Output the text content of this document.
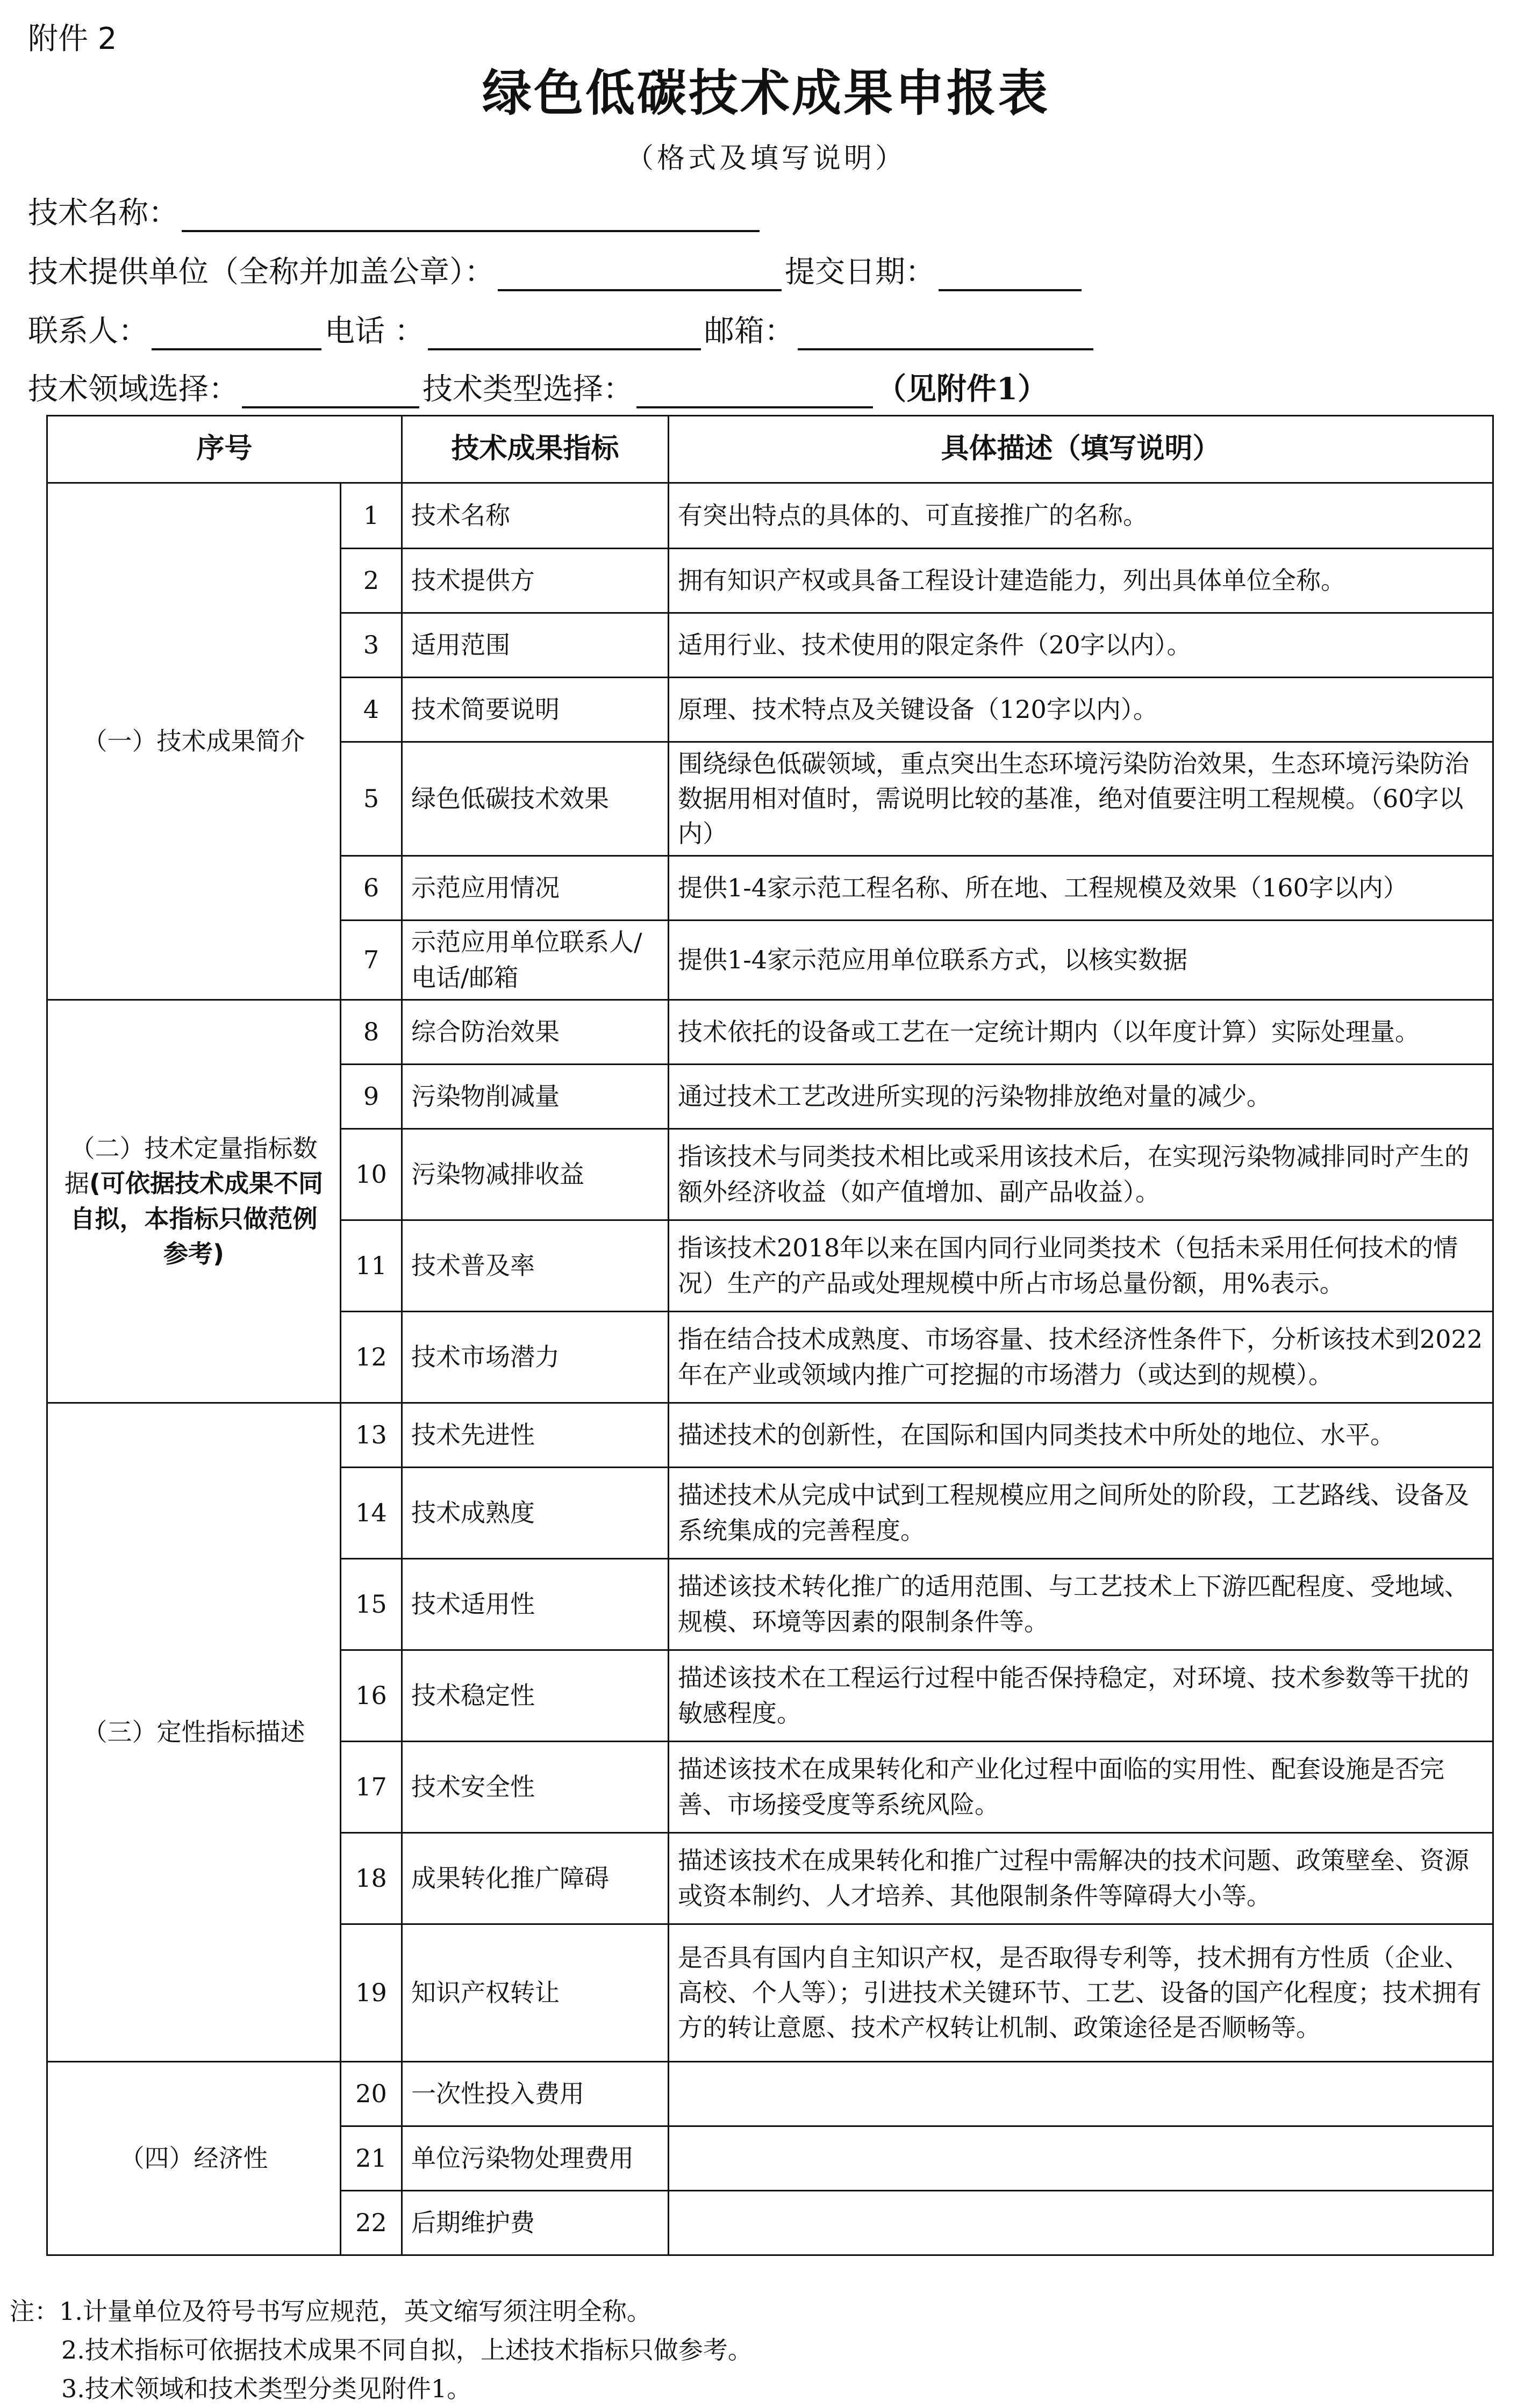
附件 2
绿色低碳技术成果申报表
（格式及填写说明）
技术名称：
技术提供单位（全称并加盖公章）：	提交日期：
联系人：	电话 ：	邮箱：
技术领域选择：	技术类型选择：	（见附件1）
序号		技术成果指标	具体描述（填写说明）
（一）技术成果简介	1	技术名称	有突出特点的具体的、可直接推广的名称。
	2	技术提供方	拥有知识产权或具备工程设计建造能力，列出具体单位全称。
	3	适用范围	适用行业、技术使用的限定条件（20字以内）。
	4	技术简要说明	原理、技术特点及关键设备（120字以内）。
	5	绿色低碳技术效果	围绕绿色低碳领域，重点突出生态环境污染防治效果，生态环境污染防治数据用相对值时，需说明比较的基准，绝对值要注明工程规模。（60字以内）
	6	示范应用情况	提供1-4家示范工程名称、所在地、工程规模及效果（160字以内）
	7	示范应用单位联系人/电话/邮箱	提供1-4家示范应用单位联系方式，以核实数据
（二）技术定量指标数据(可依据技术成果不同自拟，本指标只做范例参考)	8	综合防治效果	技术依托的设备或工艺在一定统计期内（以年度计算）实际处理量。
	9	污染物削减量	通过技术工艺改进所实现的污染物排放绝对量的减少。
	10	污染物减排收益	指该技术与同类技术相比或采用该技术后，在实现污染物减排同时产生的额外经济收益（如产值增加、副产品收益）。
	11	技术普及率	指该技术2018年以来在国内同行业同类技术（包括未采用任何技术的情况）生产的产品或处理规模中所占市场总量份额，用%表示。
	12	技术市场潜力	指在结合技术成熟度、市场容量、技术经济性条件下，分析该技术到2022年在产业或领域内推广可挖掘的市场潜力（或达到的规模）。
（三）定性指标描述	13	技术先进性	描述技术的创新性，在国际和国内同类技术中所处的地位、水平。
	14	技术成熟度	描述技术从完成中试到工程规模应用之间所处的阶段，工艺路线、设备及系统集成的完善程度。
	15	技术适用性	描述该技术转化推广的适用范围、与工艺技术上下游匹配程度、受地域、规模、环境等因素的限制条件等。
	16	技术稳定性	描述该技术在工程运行过程中能否保持稳定，对环境、技术参数等干扰的敏感程度。
	17	技术安全性	描述该技术在成果转化和产业化过程中面临的实用性、配套设施是否完善、市场接受度等系统风险。
	18	成果转化推广障碍	描述该技术在成果转化和推广过程中需解决的技术问题、政策壁垒、资源或资本制约、人才培养、其他限制条件等障碍大小等。
	19	知识产权转让	是否具有国内自主知识产权，是否取得专利等，技术拥有方性质（企业、高校、个人等）；引进技术关键环节、工艺、设备的国产化程度；技术拥有方的转让意愿、技术产权转让机制、政策途径是否顺畅等。
（四）经济性	20	一次性投入费用	
	21	单位污染物处理费用	
	22	后期维护费	
注：1.计量单位及符号书写应规范，英文缩写须注明全称。
2.技术指标可依据技术成果不同自拟，上述技术指标只做参考。
3.技术领域和技术类型分类见附件1。
